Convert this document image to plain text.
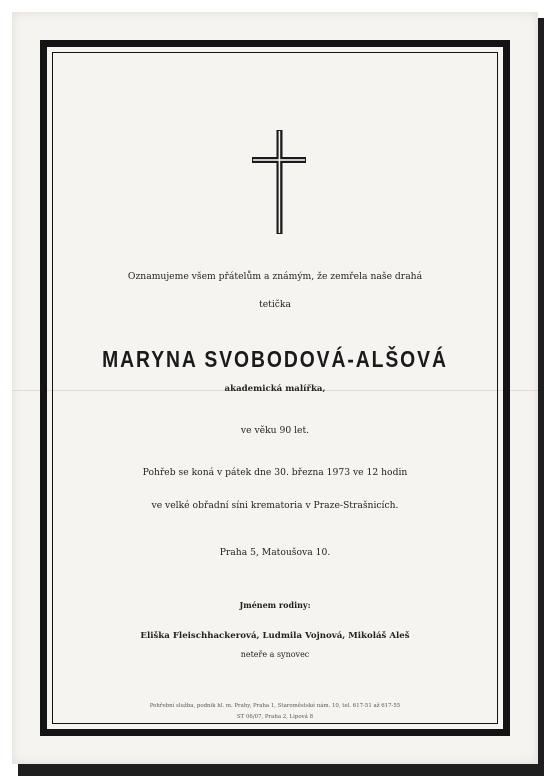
Oznamujeme všem přátelům a známým, že zemřela naše drahá

tetička

MARYNA SVOBODOVÁ-ALŠOVÁ

akademická malířka,

ve věku 90 let.

Pohřeb se koná v pátek dne 30. března 1973 ve 12 hodin

ve velké obřadní síni krematoria v Praze-Strašnicích.

Praha 5, Matoušova 10.

Jménem rodiny:

Eliška Fleischhackerová, Ludmila Vojnová, Mikoláš Aleš

neteře a synovec

Pohřební služba, podnik hl. m. Prahy, Praha 1, Staroměstské nám. 10, tel. 617-51 až 617-55

ST 06/07, Praha 2, Lipová 8
